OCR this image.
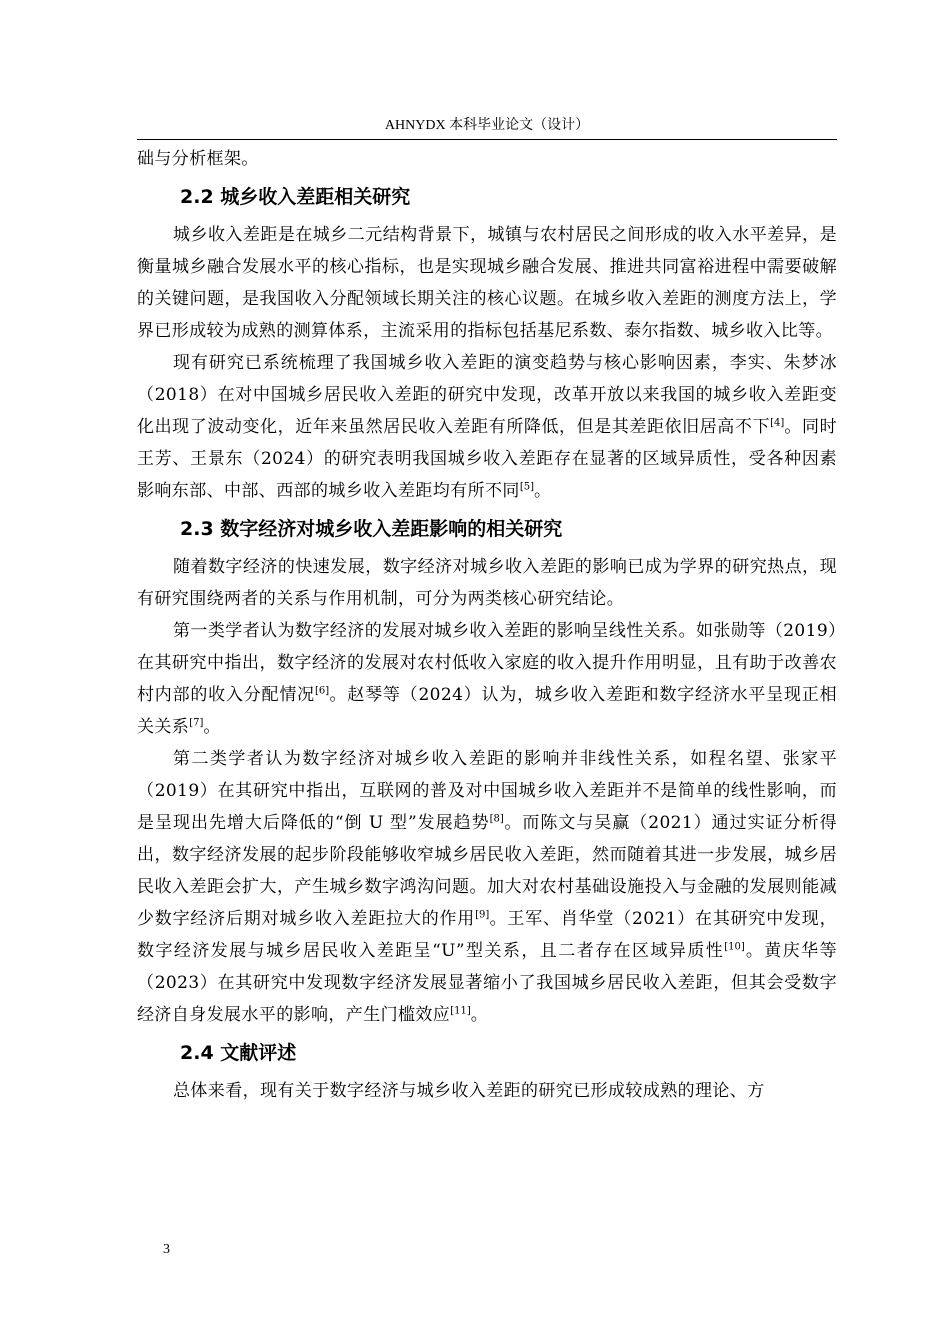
AHNYDX 本科毕业论文（设计）

础与分析框架。

2.2 城乡收入差距相关研究

城乡收入差距是在城乡二元结构背景下，城镇与农村居民之间形成的收入水平差异，是衡量城乡融合发展水平的核心指标，也是实现城乡融合发展、推进共同富裕进程中需要破解的关键问题，是我国收入分配领域长期关注的核心议题。在城乡收入差距的测度方法上，学界已形成较为成熟的测算体系，主流采用的指标包括基尼系数、泰尔指数、城乡收入比等。

现有研究已系统梳理了我国城乡收入差距的演变趋势与核心影响因素，李实、朱梦冰（2018）在对中国城乡居民收入差距的研究中发现，改革开放以来我国的城乡收入差距变化出现了波动变化，近年来虽然居民收入差距有所降低，但是其差距依旧居高不下[4]。同时王芳、王景东（2024）的研究表明我国城乡收入差距存在显著的区域异质性，受各种因素影响东部、中部、西部的城乡收入差距均有所不同[5]。

2.3 数字经济对城乡收入差距影响的相关研究

随着数字经济的快速发展，数字经济对城乡收入差距的影响已成为学界的研究热点，现有研究围绕两者的关系与作用机制，可分为两类核心研究结论。

第一类学者认为数字经济的发展对城乡收入差距的影响呈线性关系。如张勋等（2019）在其研究中指出，数字经济的发展对农村低收入家庭的收入提升作用明显，且有助于改善农村内部的收入分配情况[6]。赵琴等（2024）认为，城乡收入差距和数字经济水平呈现正相关关系[7]。

第二类学者认为数字经济对城乡收入差距的影响并非线性关系，如程名望、张家平（2019）在其研究中指出，互联网的普及对中国城乡收入差距并不是简单的线性影响，而是呈现出先增大后降低的“倒 U 型”发展趋势[8]。而陈文与吴赢（2021）通过实证分析得出，数字经济发展的起步阶段能够收窄城乡居民收入差距，然而随着其进一步发展，城乡居民收入差距会扩大，产生城乡数字鸿沟问题。加大对农村基础设施投入与金融的发展则能减少数字经济后期对城乡收入差距拉大的作用[9]。王军、肖华堂（2021）在其研究中发现，数字经济发展与城乡居民收入差距呈“U”型关系，且二者存在区域异质性[10]。黄庆华等（2023）在其研究中发现数字经济发展显著缩小了我国城乡居民收入差距，但其会受数字经济自身发展水平的影响，产生门槛效应[11]。

2.4 文献评述

总体来看，现有关于数字经济与城乡收入差距的研究已形成较成熟的理论、方

3
